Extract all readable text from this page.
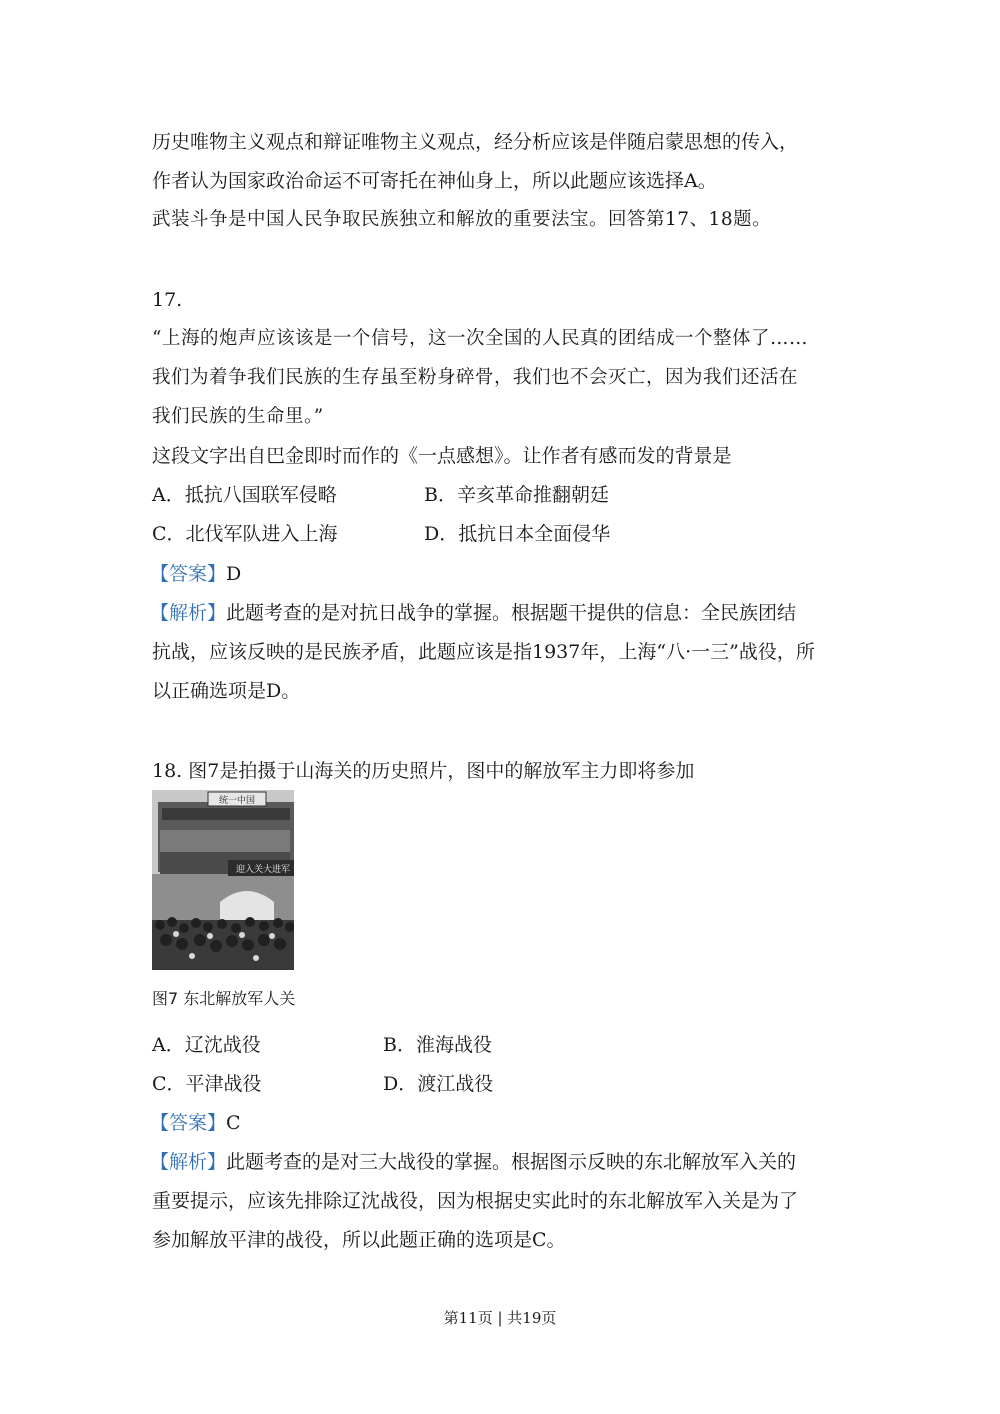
历史唯物主义观点和辩证唯物主义观点，经分析应该是伴随启蒙思想的传入，
作者认为国家政治命运不可寄托在神仙身上，所以此题应该选择A。
武装斗争是中国人民争取民族独立和解放的重要法宝。回答第17、18题。
17.
“上海的炮声应该该是一个信号，这一次全国的人民真的团结成一个整体了……
我们为着争我们民族的生存虽至粉身碎骨，我们也不会灭亡，因为我们还活在
我们民族的生命里。”
这段文字出自巴金即时而作的《一点感想》。让作者有感而发的背景是
A．抵抗八国联军侵略	B．辛亥革命推翻朝廷
C．北伐军队进入上海	D．抵抗日本全面侵华
【答案】D
【解析】此题考查的是对抗日战争的掌握。根据题干提供的信息：全民族团结
抗战，应该反映的是民族矛盾，此题应该是指1937年，上海“八·一三”战役，所
以正确选项是D。
18. 图7是拍摄于山海关的历史照片，图中的解放军主力即将参加
统一中国
迎入关大进军
图7 东北解放军人关
A．辽沈战役	B．淮海战役
C．平津战役	D．渡江战役
【答案】C
【解析】此题考查的是对三大战役的掌握。根据图示反映的东北解放军入关的
重要提示，应该先排除辽沈战役，因为根据史实此时的东北解放军入关是为了
参加解放平津的战役，所以此题正确的选项是C。
第11页 | 共19页
